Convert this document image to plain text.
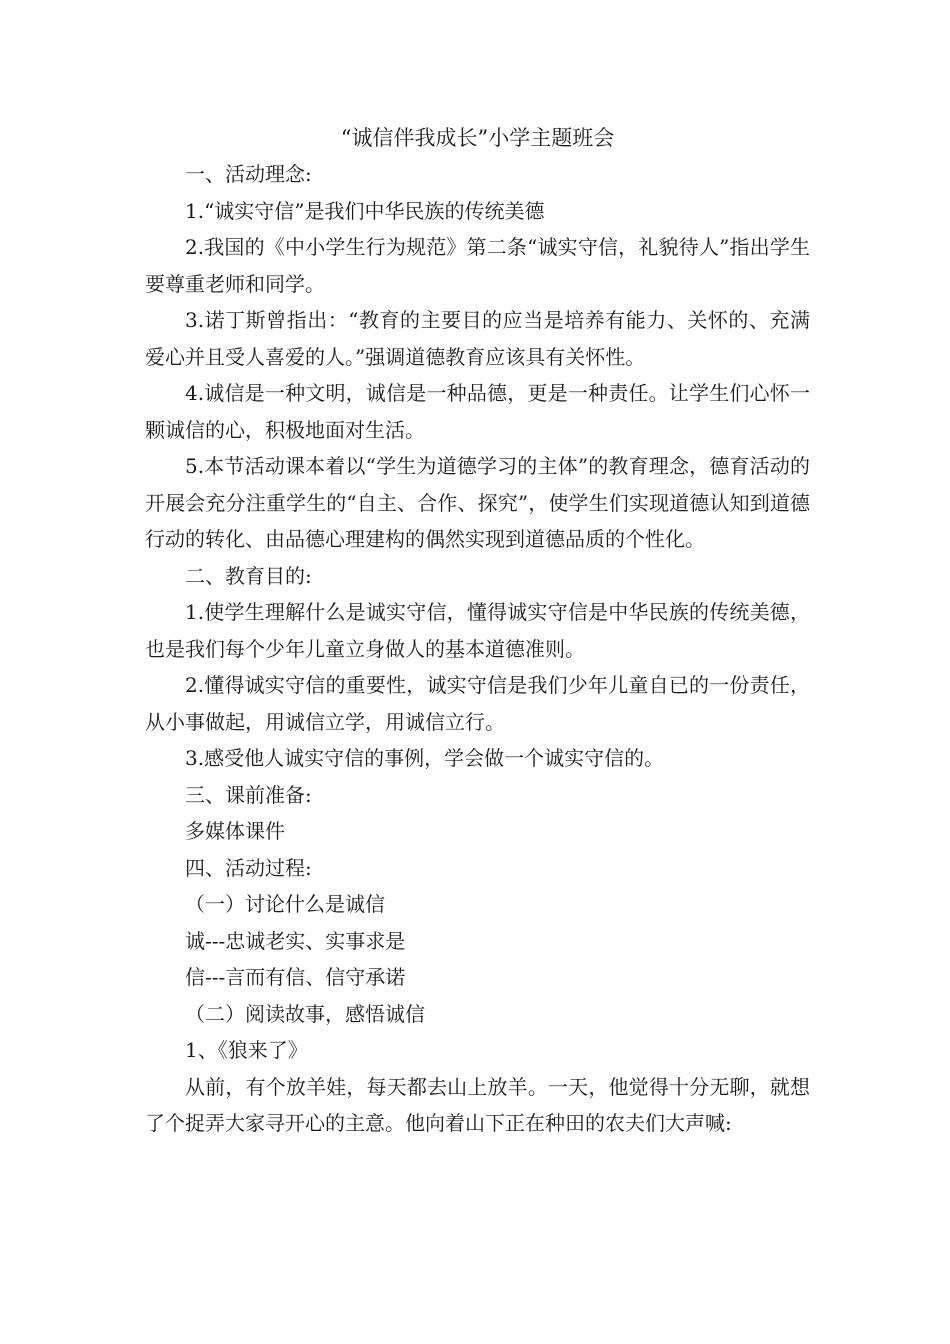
“诚信伴我成长”小学主题班会

一、活动理念:

1.“诚实守信”是我们中华民族的传统美德

2.我国的《中小学生行为规范》第二条“诚实守信，礼貌待人”指出学生要尊重老师和同学。

3.诺丁斯曾指出：“教育的主要目的应当是培养有能力、关怀的、充满爱心并且受人喜爱的人。”强调道德教育应该具有关怀性。

4.诚信是一种文明，诚信是一种品德，更是一种责任。让学生们心怀一颗诚信的心，积极地面对生活。

5.本节活动课本着以“学生为道德学习的主体”的教育理念，德育活动的开展会充分注重学生的“自主、合作、探究”，使学生们实现道德认知到道德行动的转化、由品德心理建构的偶然实现到道德品质的个性化。

二、教育目的:

1.使学生理解什么是诚实守信，懂得诚实守信是中华民族的传统美德，也是我们每个少年儿童立身做人的基本道德准则。

2.懂得诚实守信的重要性，诚实守信是我们少年儿童自已的一份责任，从小事做起，用诚信立学，用诚信立行。

3.感受他人诚实守信的事例，学会做一个诚实守信的。

三、课前准备:

多媒体课件

四、活动过程:

（一）讨论什么是诚信

诚---忠诚老实、实事求是

信---言而有信、信守承诺

（二）阅读故事，感悟诚信

1、《狼来了》

从前，有个放羊娃，每天都去山上放羊。一天，他觉得十分无聊，就想了个捉弄大家寻开心的主意。他向着山下正在种田的农夫们大声喊:
